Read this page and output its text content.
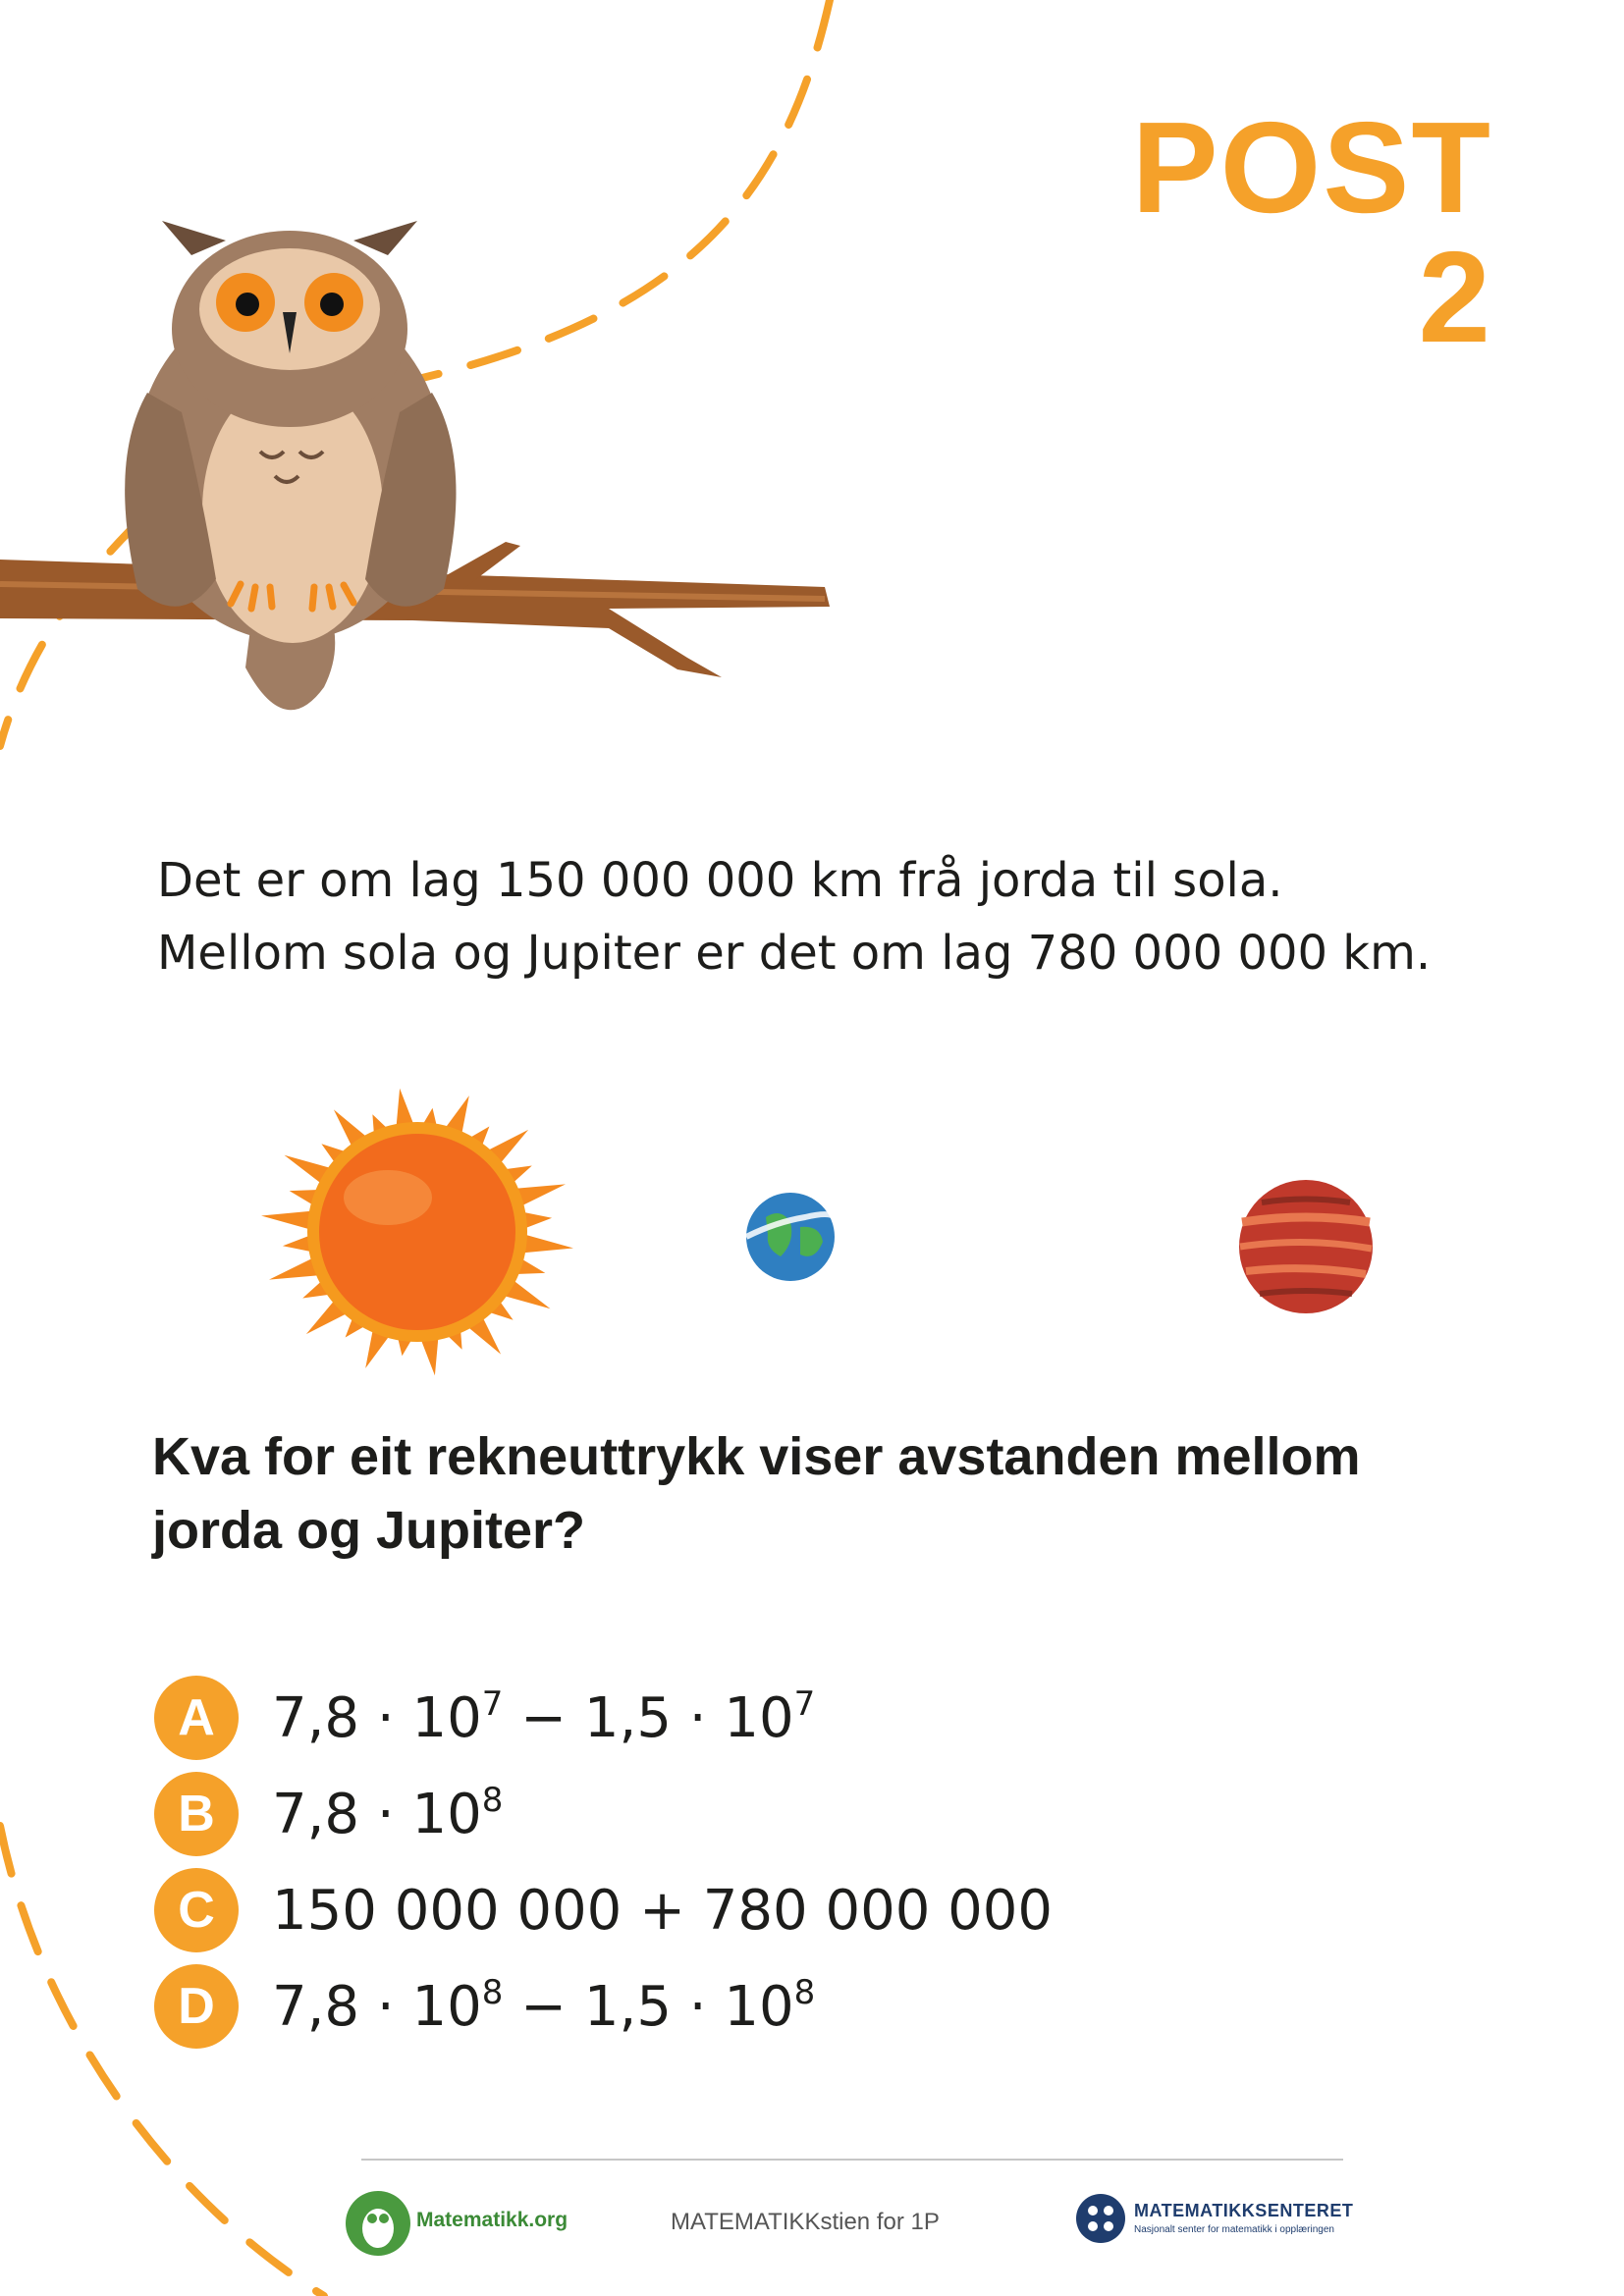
POST 2

Det er om lag 150 000 000 km frå jorda til sola.

Mellom sola og Jupiter er det om lag 780 000 000 km.

Kva for eit rekneuttrykk viser avstanden mellom

jorda og Jupiter?

A	$7,8 \cdot 10^7 - 1,5 \cdot 10^7$
B	$7,8 \cdot 10^8$
C	150 000 000 + 780 000 000
D	$7,8 \cdot 10^8 - 1,5 \cdot 10^8$
Matematikk.org	MATEMATIKKstien for 1P	MATEMATIKKSENTERET
Nasjonalt senter for matematikk i opplæringen
